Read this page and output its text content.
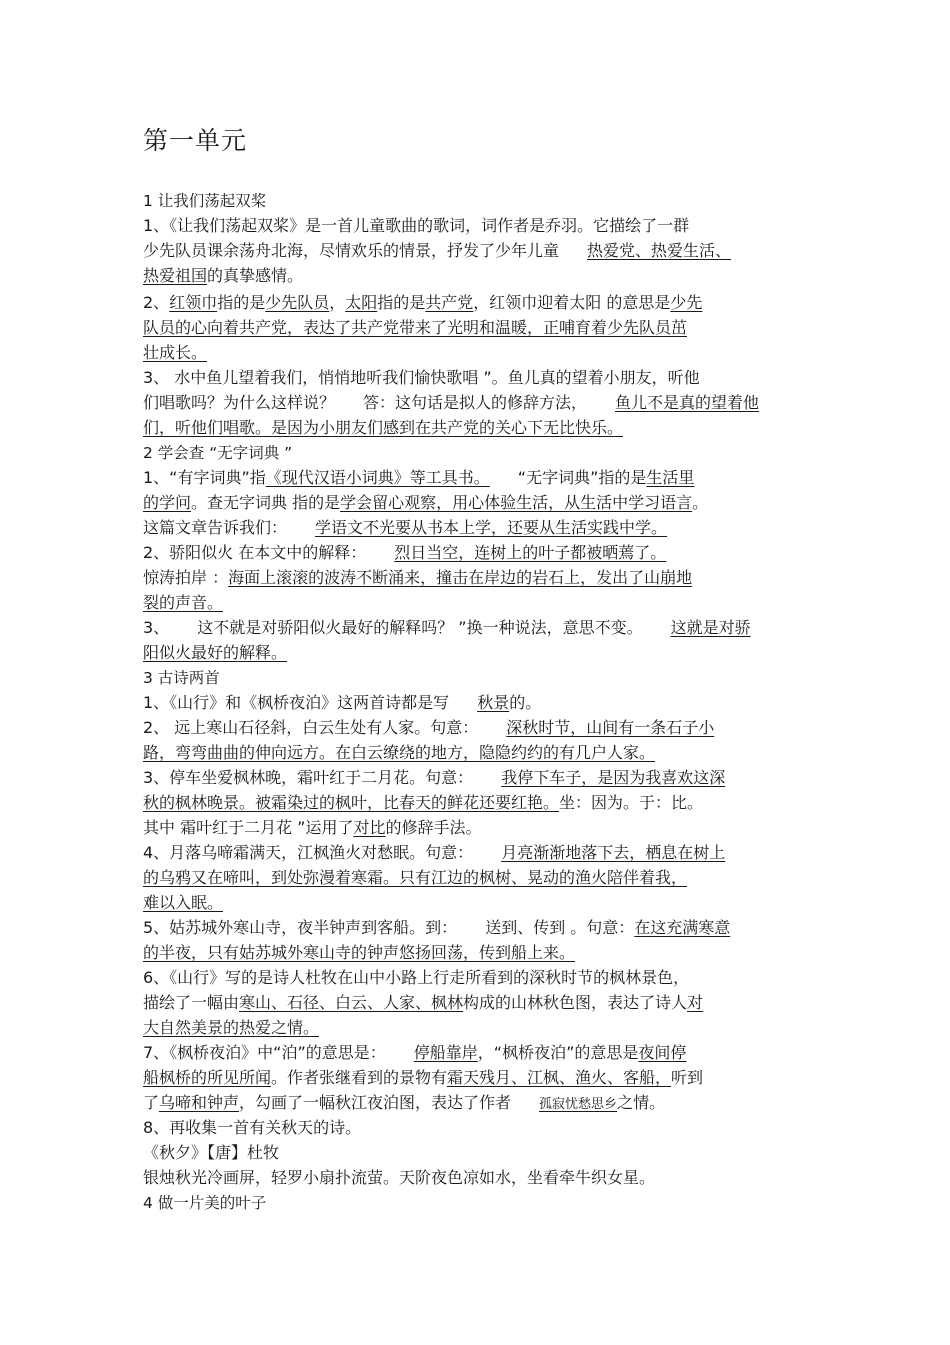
第一单元
1 让我们荡起双桨
1、《让我们荡起双桨》是一首儿童歌曲的歌词，词作者是乔羽。它描绘了一群
少先队员课余荡舟北海，尽情欢乐的情景，抒发了少年儿童 热爱党、热爱生活、
热爱祖国的真挚感情。
2、红领巾指的是少先队员，太阳指的是共产党，红领巾迎着太阳 的意思是少先
队员的心向着共产党，表达了共产党带来了光明和温暖，正哺育着少先队员茁
壮成长。
3、 水中鱼儿望着我们，悄悄地听我们愉快歌唱 ”。鱼儿真的望着小朋友，听他
们唱歌吗？为什么这样说？ 答：这句话是拟人的修辞方法， 鱼儿不是真的望着他
们，听他们唱歌。是因为小朋友们感到在共产党的关心下无比快乐。
2 学会查 “无字词典 ”
1、“有字词典”指《现代汉语小词典》等工具书。 “无字词典”指的是生活里
的学问。查无字词典 指的是学会留心观察，用心体验生活，从生活中学习语言。
这篇文章告诉我们： 学语文不光要从书本上学，还要从生活实践中学。
2、骄阳似火 在本文中的解释： 烈日当空，连树上的叶子都被晒蔫了。
惊涛拍岸 ：海面上滚滚的波涛不断涌来，撞击在岸边的岩石上，发出了山崩地
裂的声音。
3、 这不就是对骄阳似火最好的解释吗？ ”换一种说法，意思不变。 这就是对骄
阳似火最好的解释。
3 古诗两首
1、《山行》和《枫桥夜泊》这两首诗都是写 秋景的。
2、 远上寒山石径斜，白云生处有人家。句意： 深秋时节，山间有一条石子小
路，弯弯曲曲的伸向远方。在白云缭绕的地方，隐隐约约的有几户人家。
3、停车坐爱枫林晚，霜叶红于二月花。句意： 我停下车子，是因为我喜欢这深
秋的枫林晚景。被霜染过的枫叶，比春天的鲜花还要红艳。坐：因为。于：比。
其中 霜叶红于二月花 ”运用了对比的修辞手法。
4、月落乌啼霜满天，江枫渔火对愁眠。句意： 月亮渐渐地落下去，栖息在树上
的乌鸦又在啼叫，到处弥漫着寒霜。只有江边的枫树、晃动的渔火陪伴着我，
难以入眠。
5、姑苏城外寒山寺，夜半钟声到客船。到： 送到、传到 。句意：在这充满寒意
的半夜，只有姑苏城外寒山寺的钟声悠扬回荡，传到船上来。
6、《山行》写的是诗人杜牧在山中小路上行走所看到的深秋时节的枫林景色，
描绘了一幅由寒山、石径、白云、人家、枫林构成的山林秋色图，表达了诗人对
大自然美景的热爱之情。
7、《枫桥夜泊》中“泊”的意思是： 停船靠岸，“枫桥夜泊”的意思是夜间停
船枫桥的所见所闻。作者张继看到的景物有霜天残月、江枫、渔火、客船，听到
了乌啼和钟声，勾画了一幅秋江夜泊图，表达了作者 孤寂忧愁思乡之情。
8、再收集一首有关秋天的诗。
《秋夕》【唐】杜牧
银烛秋光冷画屏，轻罗小扇扑流萤。天阶夜色凉如水，坐看牵牛织女星。
4 做一片美的叶子
